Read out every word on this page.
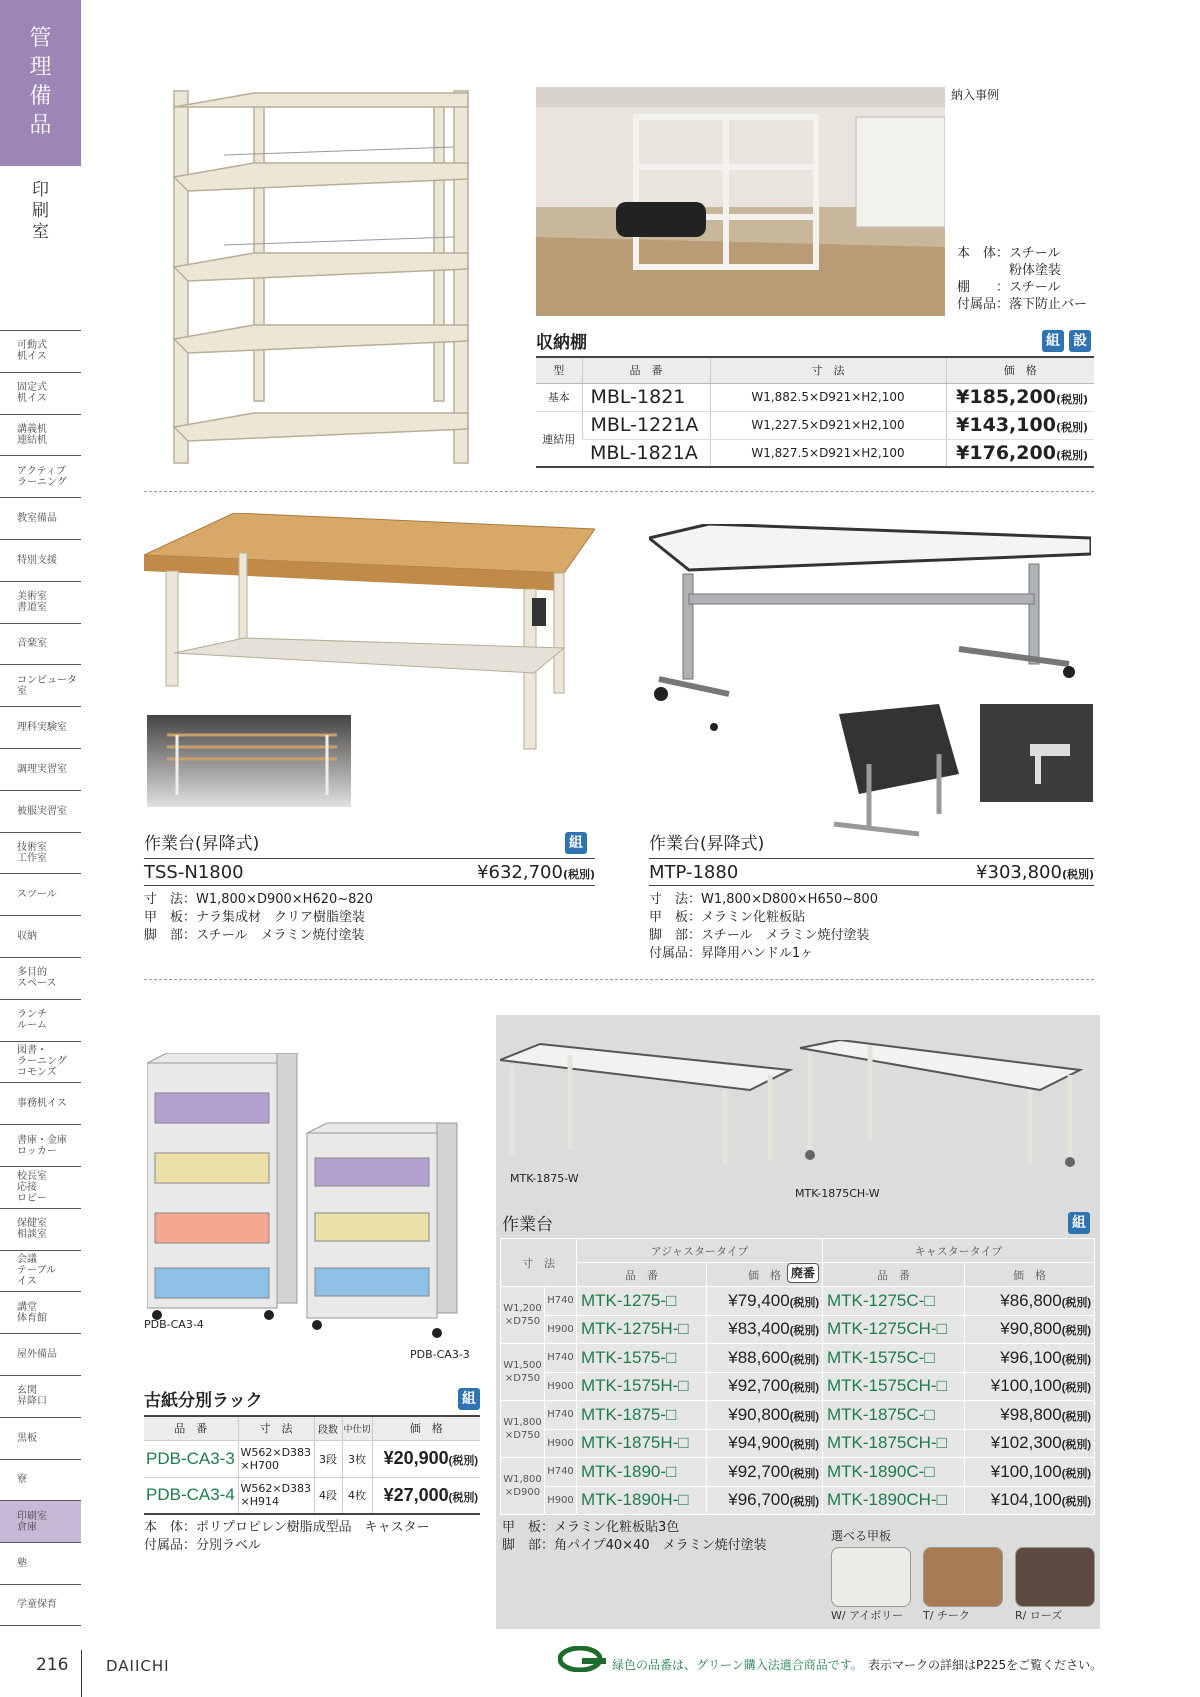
管
理
備
品
印
刷
室
可動式
机イス
固定式
机イス
講義机
連結机
アクティブ
ラーニング
教室備品
特別支援
美術室
書道室
音楽室
コンピュータ室
理科実験室
調理実習室
被服実習室
技術室
工作室
スツール
収納
多目的
スペース
ランチ
ルーム
図書・
ラーニング
コモンズ
事務机イス
書庫・金庫
ロッカー
校長室
応接
ロビー
保健室
相談室
会議
テーブル
イス
講堂
体育館
屋外備品
玄関
昇降口
黒板
寮
印刷室
倉庫
塾
学童保育
納入事例
本　体：スチール
　　　　粉体塗装
棚　　：スチール
付属品：落下防止バー
収納棚	組 設
型	品　番	寸　法	価　格
基本	MBL-1821	W1,882.5×D921×H2,100	¥185,200(税別)
連結用	MBL-1221A	W1,227.5×D921×H2,100	¥143,100(税別)
	MBL-1821A	W1,827.5×D921×H2,100	¥176,200(税別)
作業台(昇降式)	組
TSS-N1800	¥632,700(税別)
寸　法：W1,800×D900×H620~820
甲　板：ナラ集成材　クリア樹脂塗装
脚　部：スチール　メラミン焼付塗装
作業台(昇降式)
MTP-1880	¥303,800(税別)
寸　法：W1,800×D800×H650~800
甲　板：メラミン化粧板貼
脚　部：スチール　メラミン焼付塗装
付属品：昇降用ハンドル1ヶ
PDB-CA3-4
PDB-CA3-3
古紙分別ラック	組
品　番	寸　法	段数	中仕切	価　格
PDB-CA3-3	W562×D383
×H700	3段	3枚	¥20,900(税別)
PDB-CA3-4	W562×D383
×H914	4段	4枚	¥27,000(税別)
本　体：ポリプロピレン樹脂成型品　キャスター
付属品：分別ラベル
MTK-1875-W
MTK-1875CH-W
作業台	組
寸　法		アジャスタータイプ		キャスタータイプ	
		品　番	価　格	品　番	価　格
W1,200
×D750	H740	MTK-1275-□	¥79,400(税別)	MTK-1275C-□	¥86,800(税別)
	H900	MTK-1275H-□	¥83,400(税別)	MTK-1275CH-□	¥90,800(税別)
W1,500
×D750	H740	MTK-1575-□	¥88,600(税別)	MTK-1575C-□	¥96,100(税別)
	H900	MTK-1575H-□	¥92,700(税別)	MTK-1575CH-□	¥100,100(税別)
W1,800
×D750	H740	MTK-1875-□	¥90,800(税別)	MTK-1875C-□	¥98,800(税別)
	H900	MTK-1875H-□	¥94,900(税別)	MTK-1875CH-□	¥102,300(税別)
W1,800
×D900	H740	MTK-1890-□	¥92,700(税別)	MTK-1890C-□	¥100,100(税別)
	H900	MTK-1890H-□	¥96,700(税別)	MTK-1890CH-□	¥104,100(税別)
廃番
甲　板：メラミン化粧板貼3色
脚　部：角パイプ40×40　メラミン焼付塗装
選べる甲板
W/ アイボリー	T/ チーク	R/ ローズ
216	DAIICHI	緑色の品番は、グリーン購入法適合商品です。 表示マークの詳細はP225をご覧ください。
